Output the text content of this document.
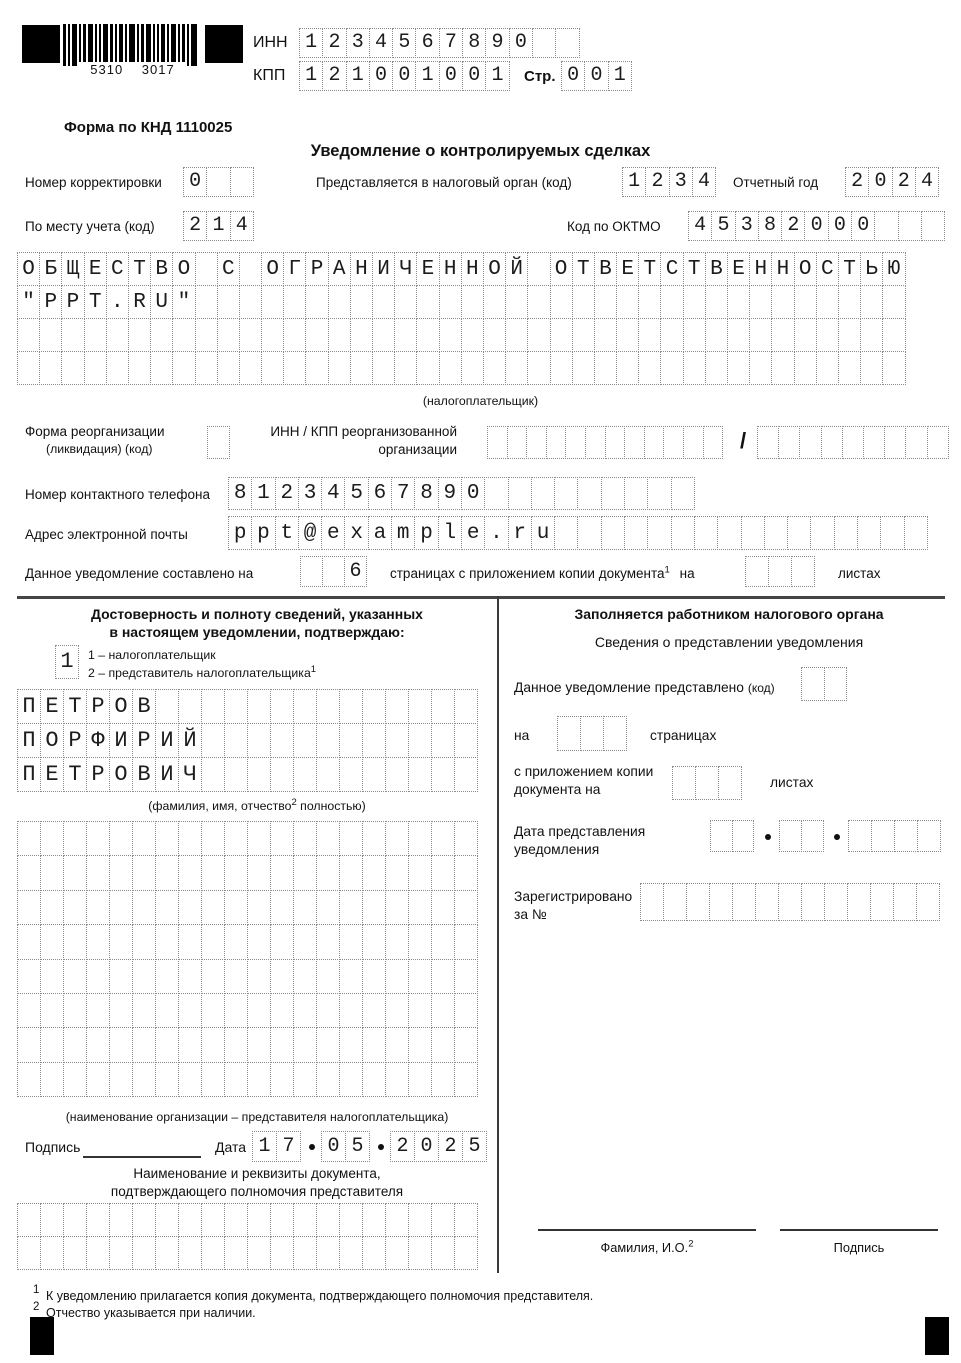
5310 3017
ИНН 1 2 3 4 5 6 7 8 9 0
КПП 1 2 1 0 0 1 0 0 1	Стр. 0 0 1
Форма по КНД 1110025
Уведомление о контролируемых сделках
Номер корректировки	0	Представляется в налоговый орган (код)	1 2 3 4	Отчетный год	2 0 2 4
По месту учета (код)	2 1 4	Код по ОКТМО	4 5 3 8 2 0 0 0
О Б Щ Е С Т В О С О Г Р А Н И Ч Е Н Н О Й О Т В Е Т С Т В Е Н Н О С Т Ь Ю
" P P T . R U "
(налогоплательщик)
Форма реорганизации
(ликвидация) (код)
ИНН / КПП реорганизованной
организации	/
Номер контактного телефона 8 1 2 3 4 5 6 7 8 9 0
Адрес электронной почты p p t @ e x a m p l e . r u
Данное уведомление составлено на	6	страницах с приложением копии документа$^1$ на	листах
Достоверность и полноту сведений, указанных
в настоящем уведомлении, подтверждаю:
1	1 – налогоплательщик
2 – представитель налогоплательщика$^1$
П Е Т Р О В
П О Р Ф И Р И Й
П Е Т Р О В И Ч
(фамилия, имя, отчество$^2$ полностью)
(наименование организации – представителя налогоплательщика)
Подпись	Дата 1 7	0 5	2 0 2 5
Наименование и реквизиты документа,
подтверждающего полномочия представителя
Заполняется работником налогового органа
Сведения о представлении уведомления
Данное уведомление представлено (код)
на	страницах
с приложением копии
документа на	листах
Дата представления
уведомления
Зарегистрировано
за №
Фамилия, И.О.$^2$	Подпись
1 К уведомлению прилагается копия документа, подтверждающего полномочия представителя.
2 Отчество указывается при наличии.
